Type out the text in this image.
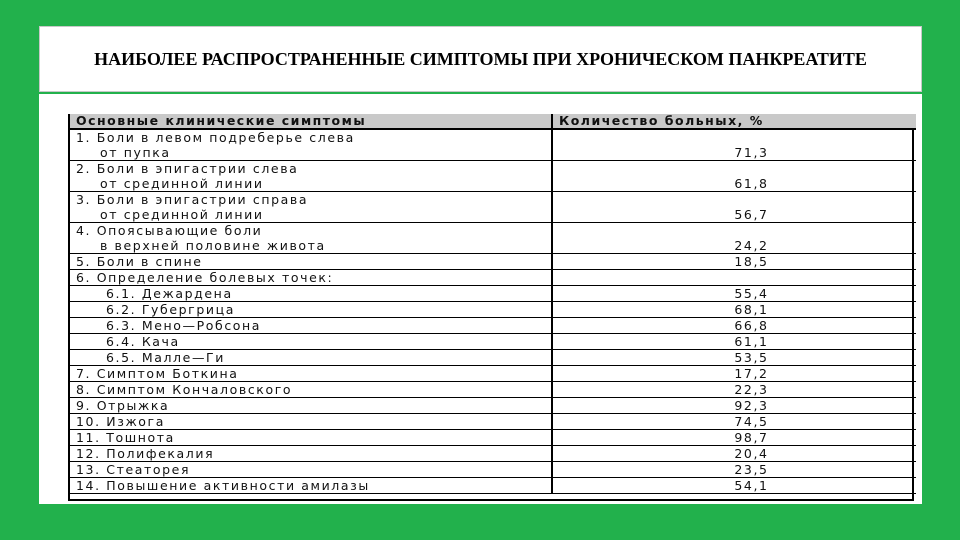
НАИБОЛЕЕ РАСПРОСТРАНЕННЫЕ СИМПТОМЫ ПРИ ХРОНИЧЕСКОМ ПАНКРЕАТИТЕ
Основные клинические симптомы	Количество больных, %
1. Боли в левом подреберье слева
от пупка	71,3
2. Боли в эпигастрии слева
от срединной линии	61,8
3. Боли в эпигастрии справа
от срединной линии	56,7
4. Опоясывающие боли
в верхней половине живота	24,2
5. Боли в спине	18,5
6. Определение болевых точек:	
6.1. Дежардена	55,4
6.2. Губергрица	68,1
6.3. Мено—Робсона	66,8
6.4. Кача	61,1
6.5. Малле—Ги	53,5
7. Симптом Боткина	17,2
8. Симптом Кончаловского	22,3
9. Отрыжка	92,3
10. Изжога	74,5
11. Тошнота	98,7
12. Полифекалия	20,4
13. Стеаторея	23,5
14. Повышение активности амилазы	54,1
